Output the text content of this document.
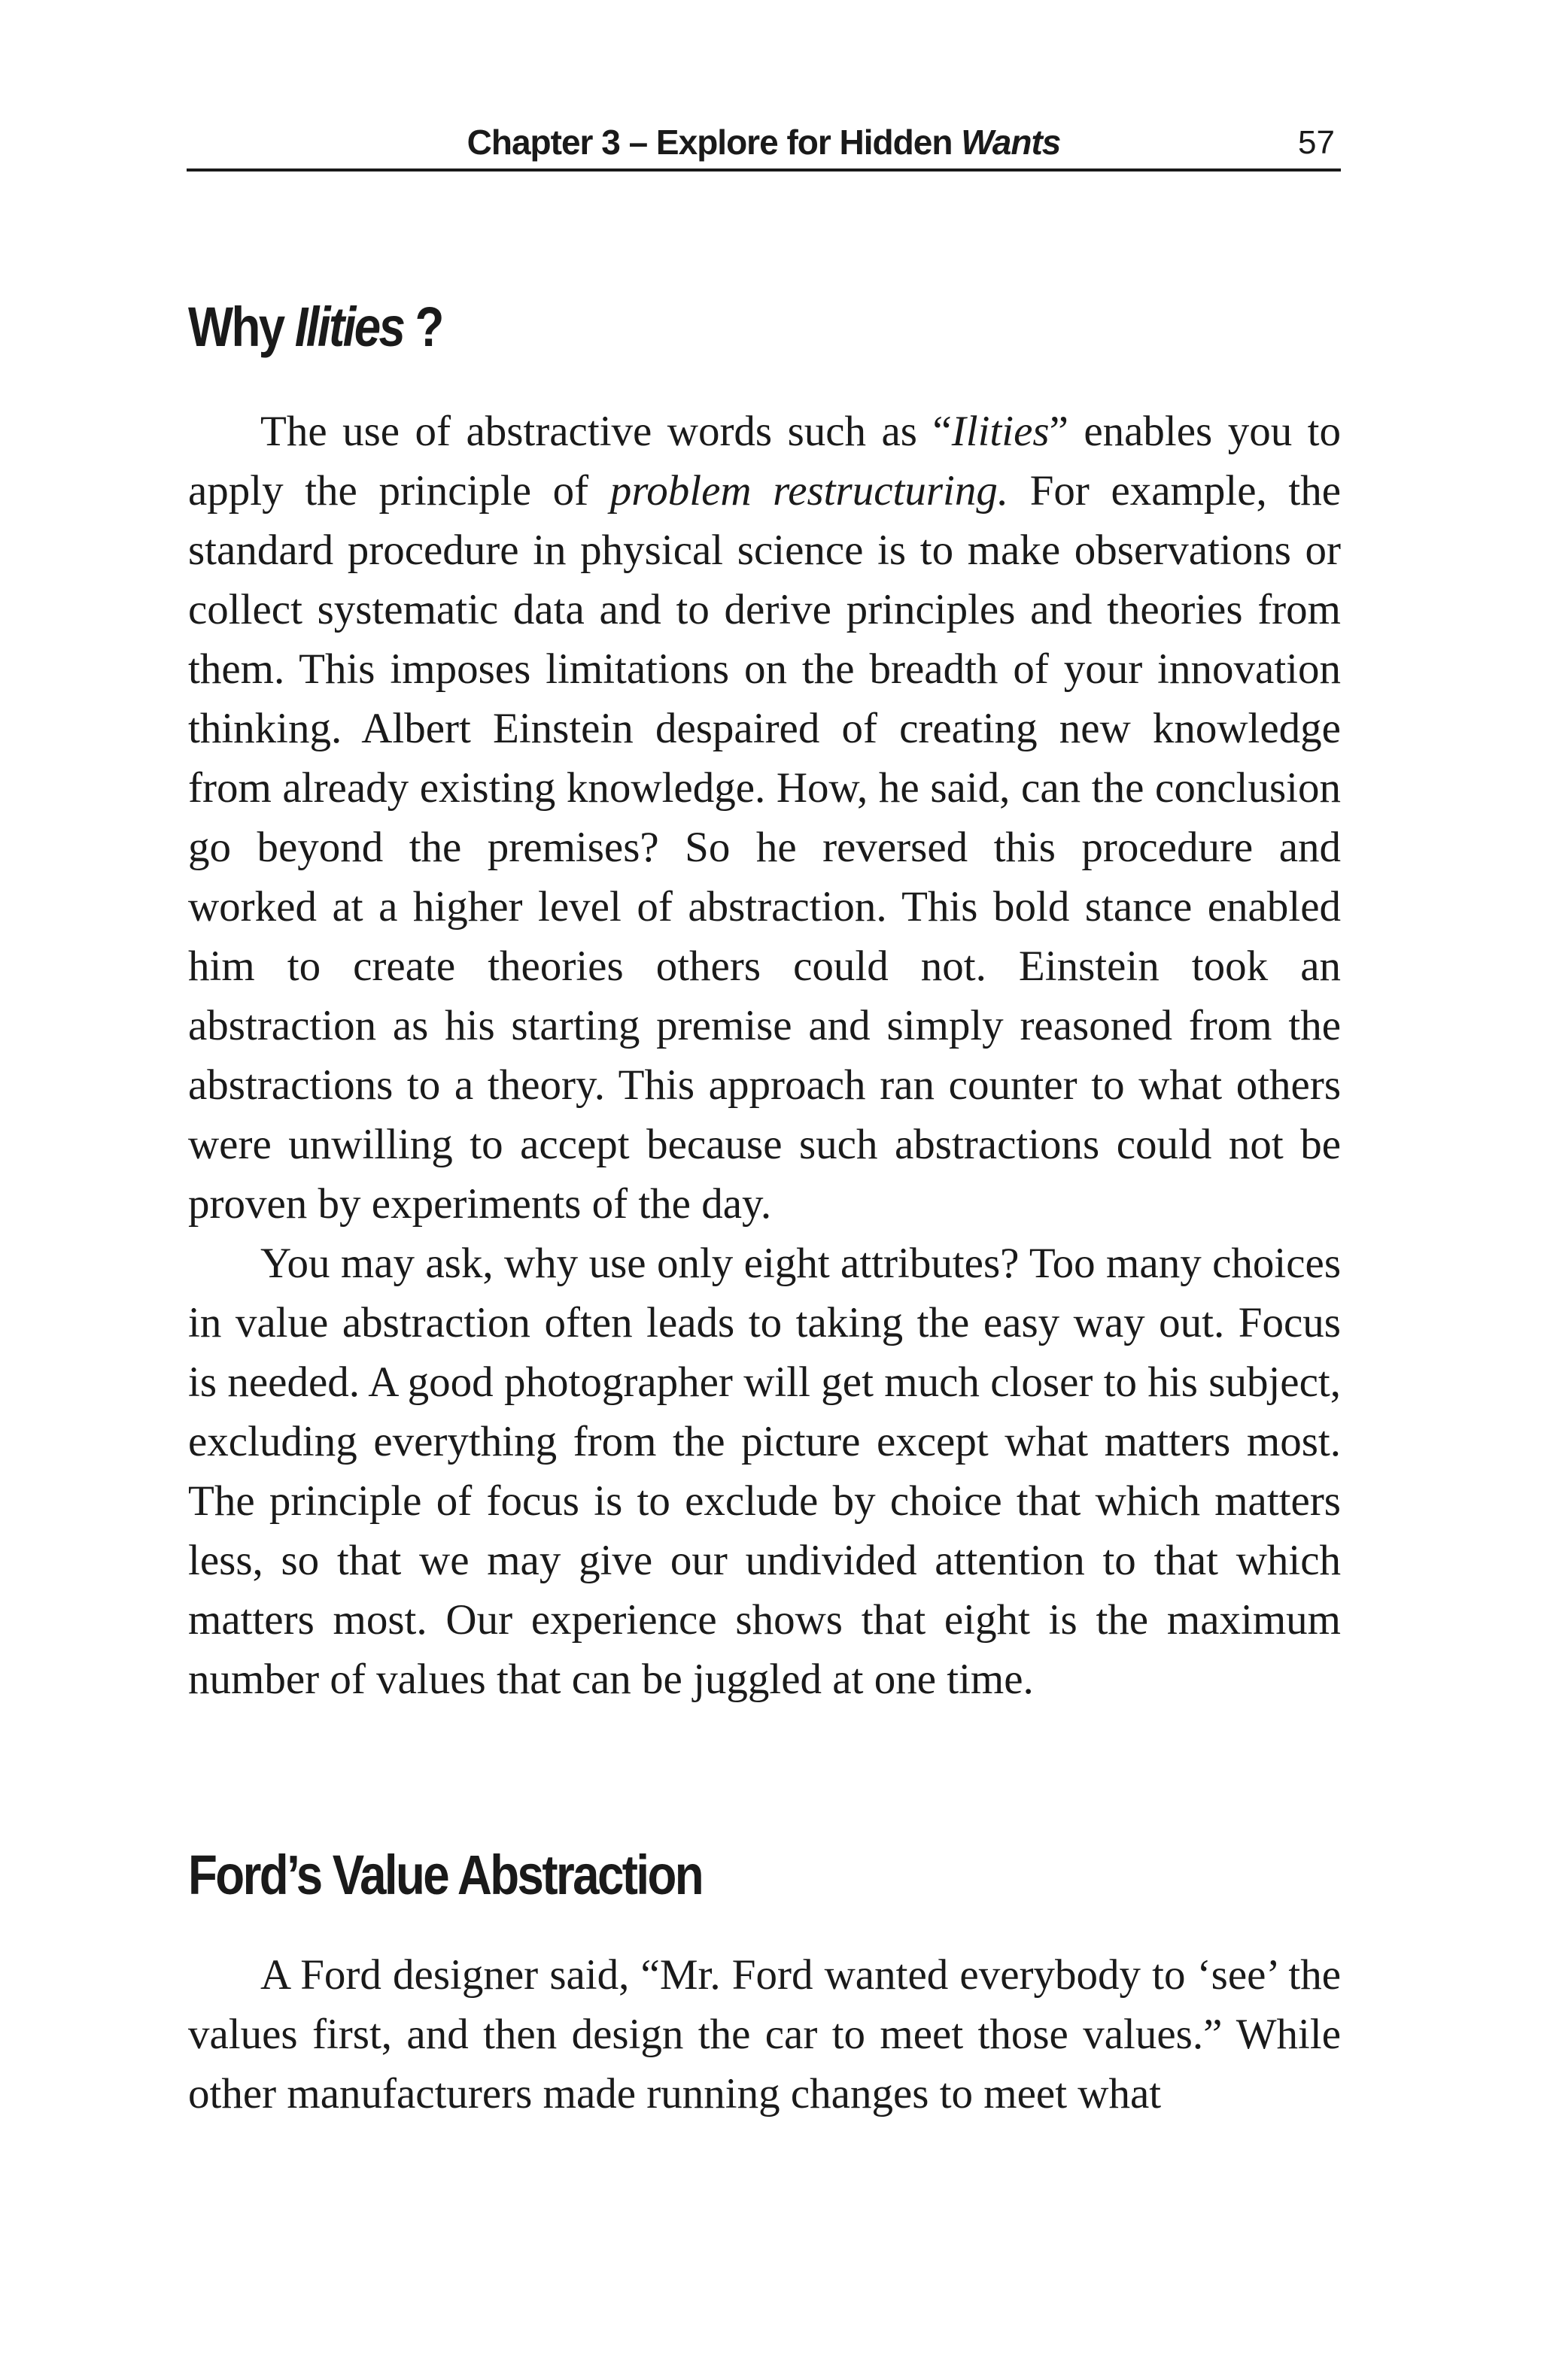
Chapter 3 – Explore for Hidden Wants	57
Why Ilities ?

The use of abstractive words such as “Ilities” enables you to apply the principle of problem restructuring. For example, the standard procedure in physical science is to make observations or collect systematic data and to derive principles and theories from them. This imposes limitations on the breadth of your innovation thinking. Albert Einstein despaired of creating new knowledge from already existing knowledge. How, he said, can the conclusion go beyond the premises? So he reversed this procedure and worked at a higher level of abstraction. This bold stance enabled him to create theories others could not. Einstein took an abstraction as his starting premise and simply reasoned from the abstractions to a theory. This approach ran counter to what others were unwilling to accept because such abstractions could not be proven by experiments of the day.

You may ask, why use only eight attributes? Too many choices in value abstraction often leads to taking the easy way out. Focus is needed. A good photographer will get much closer to his subject, excluding everything from the picture except what matters most. The principle of focus is to exclude by choice that which matters less, so that we may give our undivided attention to that which matters most. Our experience shows that eight is the maximum number of values that can be juggled at one time.

Ford’s Value Abstraction

A Ford designer said, “Mr. Ford wanted everybody to ‘see’ the values first, and then design the car to meet those values.” While other manufacturers made running changes to meet what
